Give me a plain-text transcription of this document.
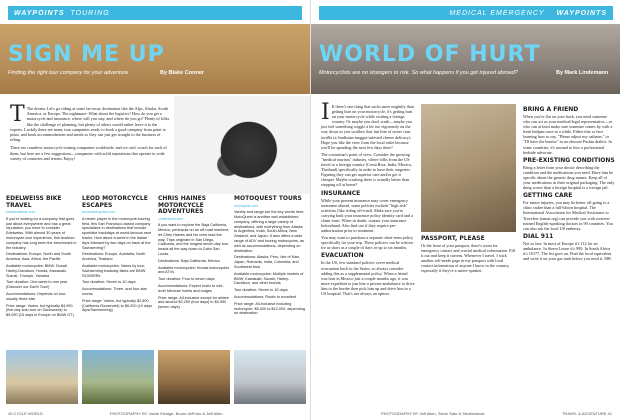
WAYPOINTS TOURING
SIGN ME UP
Finding the right tour company for your adventure	By Blake Conner

T The dream: Let's go riding at some far-away destination like the Alps, Alaska, South America, or Europe. The nightmare: What about the logistics? How do you get a motorcycle and insurance, where will you stay, and where do you go? Plenty of folks like the challenge of planning, but plenty of others would rather leave it to the experts. Luckily there are many tour companies ready to book a good company from point to point, and book accommodations and meals so they can just get straight to the business of riding.

There are countless motorcycle touring companies worldwide, and we can't vouch for each of them, but here are a few suggestions—companies with solid reputations that operate in wide variety of countries and terrain. Enjoy!

EDELWEISS BIKE TRAVEL
edelweissbike.com

If you're looking for a company that goes just about everywhere and has a great reputation, you have to consider Edelweiss. With almost 30 years of motorcycle-tour experience, this Austrian company has long been the benchmark in the industry.

Destinations: Europe, North and South America, Asia, Africa, the Pacific

Available motorcycles: BMW, Ducati, Harley-Davidson, Honda, Kawasaki, Suzuki, Triumph, Yamaha

Tour duration: One week to one year (Discover our Earth Tour!)

Accommodations: Depends on tour, usually three-star

Price range: Varies, but typically $4,990 (five-day solo tour on Sachswerd) to $9,090 (15 days in Europe on BMW GT)

LEOD MOTORCYCLE ESCAPES
leodmotorcycles.com

A newer player in the motorcycle-touring field, this San Francisco-based company specializes in destinations that include sportbike trackdays at world-famous race tracks. How about a week in the Italian Alps followed by two days on track at the Sachsenring?

Destinations: Europe, Australia, North America, Thailand

Available motorcycles: Varies by tour; Sachsenring trackday bikes are BMW S1000RRs

Tour duration: Seven to 10 days

Accommodations: Three- and four-star rooms

Price range: Varies, but typically $2,800 (California Rooseveld) to $6,200 (10 days Alps/Sachsenring)

CHRIS HAINES MOTORCYCLE ADVENTURES
chrishaines.com

If you want to explore the Baja California, Mexico, peninsula on an off-road machine, let Chris Haines and his crew lead the way. Trips originate in San Diego, California, and the longest seven-day tour heads all the way down to Cabo San Lucas.

Destinations: Baja California, Mexico

Available motorcycles: Honda motorcycles and ATVs

Tour duration: Four to seven days

Accommodations: Expect rustic to mid-level Mexican hotels and lodges

Price range: All-inclusive except for airfare and alcohol $2,200 (four days) to $4,950 (seven days)

MOTOQUEST TOURS
motoquest.com

Variety and range are the key words here: MotoQuest is another well-established company, offering a large variety of destinations, with everything from Alaska to Argentina, India, South Africa, New Zealand, and Japan. It also offers a wide range of ADV and touring motorcycles, as well as accommodations, depending on destination.

Destinations: Alaska, Peru, Isle of Man, Japan, Romania, India, Colombia, and Southwest Asia

Available motorcycles: Multiple models of BMW, Kawasaki, Suzuki, Harley-Davidson, and other brands

Tour duration: Seven to 15 days

Accommodations: Rustic to excellent

Price range: All-inclusive including motorcycle: $5,400 to $12,000, depending on destination

40 CYCLE WORLD	PHOTOGRAPHY BY Jamie Elvidge, Bruno deProto & Jeff Allen
MEDICAL EMERGENCY	WAYPOINTS
WORLD OF HURT
Motorcyclists are no strangers to risk. So what happens if you get injured abroad?	By Mark Lindemann

I If there's one thing that sucks more mightily than getting hurt on your motorcycle, it's getting hurt on your motorcycle while visiting a foreign country. Or maybe you don't crash—maybe you just feel something wiggle a bit too vigorously on the way down as you swallow that last bite of sweet corn tortilla (a Sardinian maggot-infested cheese delicacy). Hope you like the view from the local toilet because you'll be spending the next few days there!

The contrarian's point of view: Consider the growing "medical tourism" industry, where folks from the US travel to a foreign country (Costa Rica, India, Mexico, Thailand) specifically in order to have their surgeries. Figuring they can get superior care and/or get it cheaper. Maybe crashing there is actually better than stepping off at home?

INSURANCE

While your present insurance may cover emergency treatment abroad, some policies exclude "high risk" activities (like riding off-road). Make sure you're carrying both your insurance policy identity card and a claim form. When in doubt, contact your insurance beforehand. Also find out if they require pre-authorization prior to treatment.

You may want to purchase a separate short-term policy specifically for your trip. These policies can be written for as short as a couple of days or up to six months.

EVACUATION

In the US, few standard policies cover medical evacuation back to the States, so always consider adding this as a supplemental policy. When a friend was hurt in Mexico just a couple months ago, it was more expedient to just hire a private ambulance to drive him to the border then pick him up and drive him to a US hospital. That's not always an option.

PASSPORT, PLEASE

Or the front of your passport, there's room for emergency contact and crucial medical information. Fill it out and keep it current. Whenever I travel, I stick another self-made page in my passport with local contact information of anyone I know in the country, especially if they're a native speaker.

BRING A FRIEND

When you're flat on your back, you need someone who can act as your medical/legal representative—or who can at least make sure someone comes by with a fresh bedpan once in a while. Either that or face learning how to say, "Please adjust my catheter," or "I'll have the burrito" in an obscure Pashtu dialect. In some countries, it's normal to hire a professional bedside advocate.

PRE-EXISTING CONDITIONS

Bring a letter from your doctor describing the condition and the medications you need. Have him be specific about the generic drug names. Keep all of your medications in their original packaging. The only thing worse than a foreign hospital is a foreign jail.

GETTING CARE

For minor injuries, you may be better off going to a clinic rather than a full-blown hospital. The International Association for Medical Assistance to Travelers (iamat.org) can provide you with western-trained English-speaking doctors in 90 countries. You can also ask the local US embassy.

DIAL 911

Not so fast: In most of Europe it's 112 for an ambulance. In Sierra Leone it's 999. In South Africa it's 10177. The list goes on. Find the local equivalent and write it on your gas tank before you need it. MR

PHOTOGRAPHY BY Jeff Allen, Steve Sato & Shutterstock	TRAVEL & ADVENTURE 41
